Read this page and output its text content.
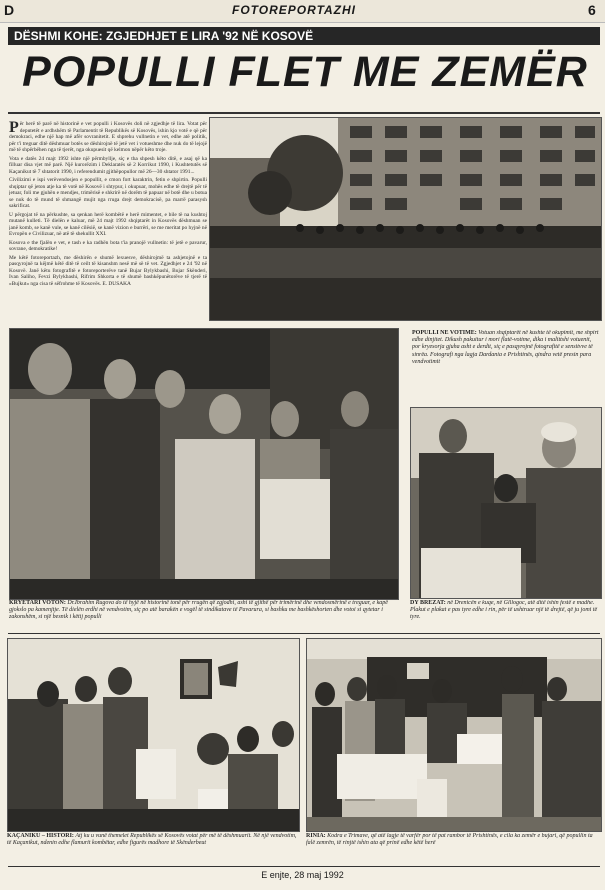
D	FOTOREPORTAZHI	6
DËSHMI KOHE: ZGJEDHJET E LIRA '92 NË KOSOVË
POPULLI FLET ME ZEMËR
P ër herë të parë në historinë e vet populli i Kosovës doli në zgjedhje të lira. Votat për deputetët e ardhshëm të Parlamentit të Republikës së Kosovës, ishin kjo votë e që për demokraci, edhe një hap më afër sovranitetit. E shprehu vullnetin e vet, edhe atë politik, për t'i treguar ditë dëshmuar botës se dëshirojnë të jetë vet i votueshme dhe nuk do të lejojë më të shpërbëhen nga të tjerët, nga okupuesit që kelmon nëpër këto troje.

Vota e datës 24 majt 1992 ishte një përmbyllje, siç e tha shpesh këto ditë, e asaj që ka filluar disa vjet më parë. Një kurorëzim i Deklaratës së 2 Korrikut 1990, i Kushtetutës së Kaçanikut të 7 shtatorit 1990, i referendumit gjithëpopullor më 26—30 shtator 1991...

Civilizimi e ispi verëvendosjen e popullit, e cmon fort karaktrin, fetin e shpirtin. Populli shqiptar që jeton atje ka të votë në Kosovë i shtypur, i okupuar, mohës edhe të drejtë për të jetuar, foli me gjuhën e mendjes, trimërisë e shkrirë në dorëm të papuar në botë dhe u botua se nuk do të mund të shmangë mujit nga rruga drejt demokracisë, pa marrë parasysh sakrificat.

U përgojat të na përkushte, sa qenkan herë kombëtë e herë mimentet, e bile të na kushtoj mutanë kulleti. Të dielën e kaluar, më 24 majt 1992 shqiptarët in Kosovës dëshmuan se janë komb, se kanë vule, se kanë cilësië, se kanë vizion e burrëri, se me meritat po hyjnë në Evropën e Civilizuar, në atë të shekullit XXI.

Kosova e the fjalën e vet, e tash e ka radhën bota t'ia pranojë vullnetin: të jetë e pavarur, sovrane, demokratike!

Me këtë fotoreportazh, me dëshirën e shumë lexuesve, dëshirojmë ta ashjetojnë e ta pasqyrojnë ta këjmë këtë ditë të ceilt të kisanshm nesë më së të vet. Zgjedhjet e 24 '92 në Kosovë. Janë këtu fotografitë e fotoreporterëve tanë Bujar Bylykbashi, Bujar Skënderi, Ivan Saliho, Fevzi Bylykbashi, Rifrim Shkorta e të shumë bashkëpunëtorëve të tjerë të »Bujkut« nga cisa të sëfrohme të Kosovës. E. DUSAKA

POPULLI NË VOTIME: Votuan shqiptarët në kushte të okupimit, me shpirt edhe dinjitet. Dikush pakuitur i mori flatë-votime, dika i malittshi votuenit, por kryesorja gjuha asht e derdit, siç e pasqyrojnë fotografitë e sensitvve të sinrëa. Fotografi nga lagja Dardania e Prishtinës, qindra vetë presin para vendvotimit
KRYETARI VOTON: Dr.Ibrahim Rugova do të hyjë në historinë tonë për rrugën që zgjodhi, ashi të gjithë për trimërinë dhe vendosmërinë e treguar, e kapë gjokslo pa kamenjtje. Të dielën erdhi në vendvotim, siç po atë barakën e vogël të sindikatave të Pavarura, si bashku me bashkëshorten dhe votoi si qytetar i zakonshëm, si një besnik i këtij populli
DY BREZAT: në Drenicën e kuqe, në Glllogoc, atë ditë ishin festë e madhe. Plakut e plakat e pas tyre edhe i rin, për të ushtruar një të drejtë, që ju jomi të tyre.
KAÇANIKU – HISTORI: Atj ku u vunë themelet Republikës së Kosovës votat për më të dëshmuarit. Në një vendvotim, të Kaçanikut, ndenin edhe flamurit kombëtar, edhe figurës madhore të Skënderbeut
RINIA: Kodra e Trimave, që atë lagje të varfër por të pat rambor të Prishtinës, e cila ka zemër e bujari, që popullin ta falë zemrën, të rinjtë ishin ata që prinë edhe këtë herë
E enjte, 28 maj 1992
